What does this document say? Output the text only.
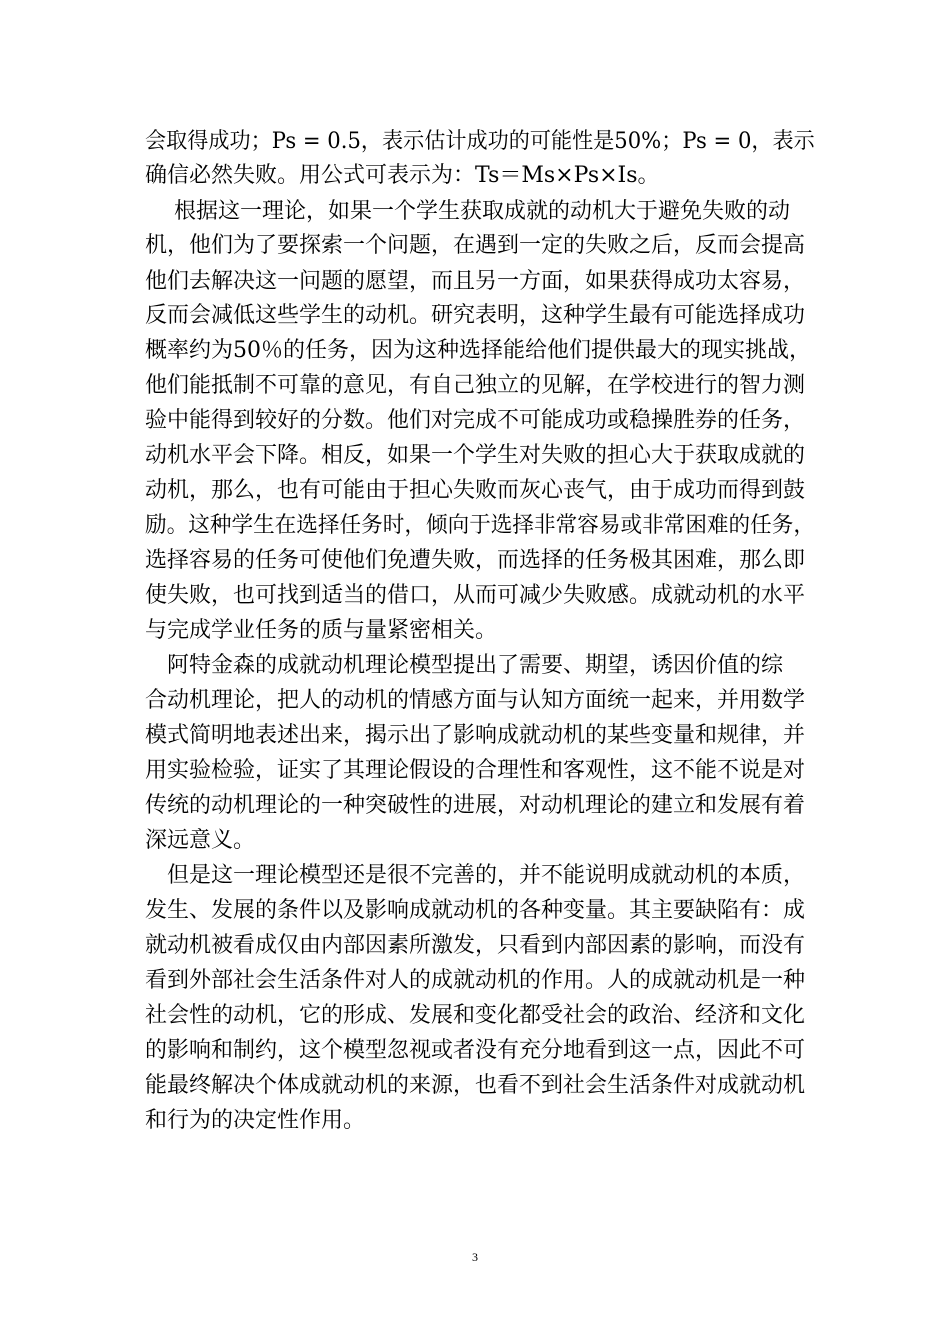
会取得成功；Ps = 0.5，表示估计成功的可能性是50%；Ps = 0，表示
确信必然失败。用公式可表示为：Ts＝Ms×Ps×Is。
　 根据这一理论，如果一个学生获取成就的动机大于避免失败的动
机，他们为了要探索一个问题，在遇到一定的失败之后，反而会提高
他们去解决这一问题的愿望，而且另一方面，如果获得成功太容易，
反而会减低这些学生的动机。研究表明，这种学生最有可能选择成功
概率约为50％的任务，因为这种选择能给他们提供最大的现实挑战，
他们能抵制不可靠的意见，有自己独立的见解，在学校进行的智力测
验中能得到较好的分数。他们对完成不可能成功或稳操胜券的任务，
动机水平会下降。相反，如果一个学生对失败的担心大于获取成就的
动机，那么，也有可能由于担心失败而灰心丧气，由于成功而得到鼓
励。这种学生在选择任务时，倾向于选择非常容易或非常困难的任务，
选择容易的任务可使他们免遭失败，而选择的任务极其困难，那么即
使失败，也可找到适当的借口，从而可减少失败感。成就动机的水平
与完成学业任务的质与量紧密相关。
　阿特金森的成就动机理论模型提出了需要、期望，诱因价值的综
合动机理论，把人的动机的情感方面与认知方面统一起来，并用数学
模式简明地表述出来，揭示出了影响成就动机的某些变量和规律，并
用实验检验，证实了其理论假设的合理性和客观性，这不能不说是对
传统的动机理论的一种突破性的进展，对动机理论的建立和发展有着
深远意义。
　但是这一理论模型还是很不完善的，并不能说明成就动机的本质，
发生、发展的条件以及影响成就动机的各种变量。其主要缺陷有：成
就动机被看成仅由内部因素所激发，只看到内部因素的影响，而没有
看到外部社会生活条件对人的成就动机的作用。人的成就动机是一种
社会性的动机，它的形成、发展和变化都受社会的政治、经济和文化
的影响和制约，这个模型忽视或者没有充分地看到这一点，因此不可
能最终解决个体成就动机的来源，也看不到社会生活条件对成就动机
和行为的决定性作用。
3
